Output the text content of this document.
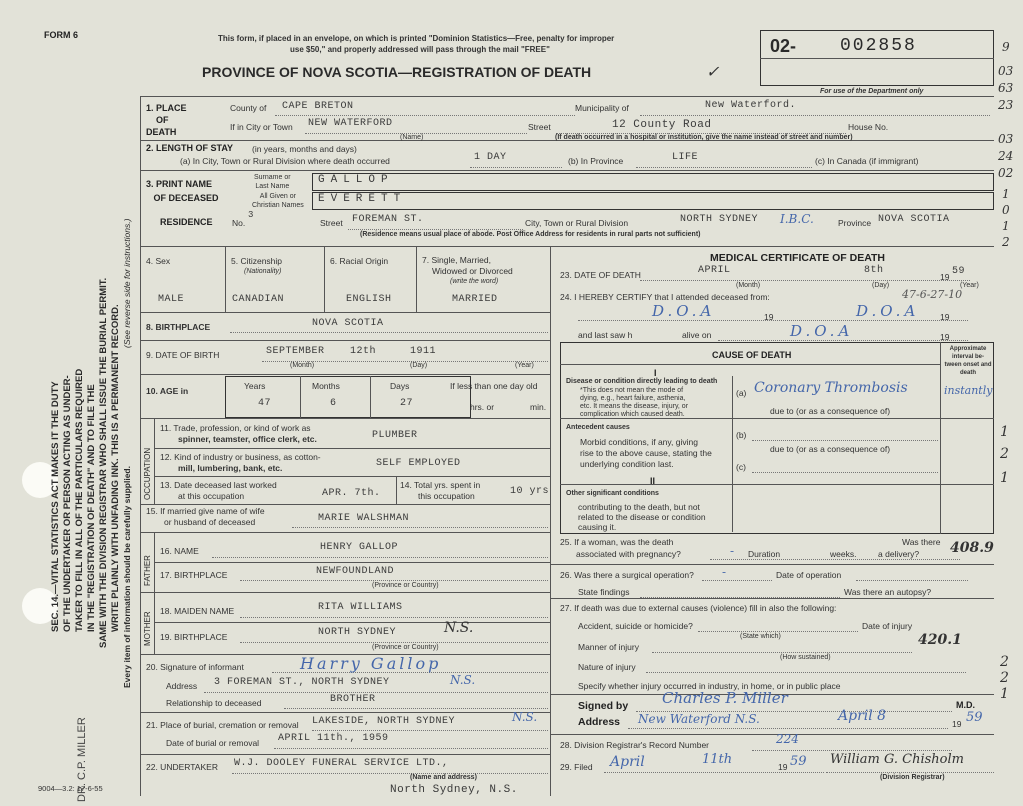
SEC. 14.—VITAL STATISTICS ACT MAKES IT THE DUTY OF THE UNDERTAKER OR PERSON ACTING AS UNDER- TAKER TO FILL IN ALL OF THE PARTICULARS REQUIRED IN THE "REGISTRATION OF DEATH" AND TO FILE THE SAME WITH THE DIVISION REGISTRAR WHO SHALL ISSUE THE BURIAL PERMIT. WRITE PLAINLY WITH UNFADING INK. THIS IS A PERMANENT RECORD. Every item of information should be carefully supplied.
(See reverse side for instructions.)
DR. C.P. MILLER
9004—3.2: 17-6-55
FORM 6	This form, if placed in an envelope, on which is printed "Dominion Statistics—Free, penalty for improper
use $50," and properly addressed will pass through the mail "FREE"
PROVINCE OF NOVA SCOTIA—REGISTRATION OF DEATH	✓
02- 002858
For use of the Department only
9
03
63
23
03
24
02
1
0
1
2
1. PLACE
OF
DEATH
County of CAPE BRETON	Municipality of	New Waterford.
If in City or Town NEW WATERFORD
(Name)
Street	12 County Road	House No.
(If death occurred in a hospital or institution, give the name instead of street and number)
2. LENGTH OF STAY (in years, months and days)
(a) In City, Town or Rural Division where death occurred	1 DAY	(b) In Province	LIFE	(c) In Canada (if immigrant)
3. PRINT NAME
OF DECEASED
Surname or
Last Name
All Given or
Christian Names
GALLOP
EVERETT
RESIDENCE No.
3
Street FOREMAN ST.	City, Town or Rural Division	NORTH SYDNEY I.B.C.	Province NOVA SCOTIA
(Residence means usual place of abode. Post Office Address for residents in rural parts not sufficient)
4. Sex
MALE
5. Citizenship
(Nationality)
CANADIAN
6. Racial Origin
ENGLISH
7. Single, Married,
Widowed or Divorced
(write the word)
MARRIED
8. BIRTHPLACE	NOVA SCOTIA
9. DATE OF BIRTH	SEPTEMBER	12th	1911
(Month)	(Day)	(Year)
10. AGE in	Years	Months	Days
47	6	27
If less than one day old
hrs. or	min.
OCCUPATION
11. Trade, profession, or kind of work as
spinner, teamster, office clerk, etc.	PLUMBER
12. Kind of industry or business, as cotton-
mill, lumbering, bank, etc.	SELF EMPLOYED
13. Date deceased last worked
at this occupation	APR. 7th.
14. Total yrs. spent in
this occupation	10 yrs
15. If married give name of wife
or husband of deceased	MARIE WALSHMAN
FATHER
16. NAME	HENRY GALLOP
17. BIRTHPLACE	NEWFOUNDLAND
(Province or Country)
MOTHER
18. MAIDEN NAME	RITA WILLIAMS
19. BIRTHPLACE	NORTH SYDNEY	N.S.
(Province or Country)
20. Signature of informant	Harry Gallop
Address 3 FOREMAN ST., NORTH SYDNEY	N.S.
Relationship to deceased	BROTHER
21. Place of burial, cremation or removal LAKESIDE, NORTH SYDNEY	N.S.
Date of burial or removal APRIL 11th., 1959
22. UNDERTAKER W.J. DOOLEY FUNERAL SERVICE LTD.,
(Name and address)
North Sydney, N.S.
MEDICAL CERTIFICATE OF DEATH
23. DATE OF DEATH	APRIL	8th
19 59
(Month)	(Day)	(Year)
24. I HEREBY CERTIFY that I attended deceased from:	47-6-27-10
D.O.A	19	D.O.A 19
and last saw h	alive on	D.O.A	19
CAUSE OF DEATH
Approximate interval be-tween onset and death
I
Disease or condition directly leading to death
*This does not mean the mode of
dying, e.g., heart failure, asthenia,
etc. It means the disease, injury, or
complication which caused death.
(a) Coronary Thrombosis	instantly
due to (or as a consequence of)
Antecedent causes
Morbid conditions, if any, giving
rise to the above cause, stating the
underlying condition last.
(b)
due to (or as a consequence of)
(c)
II
Other significant conditions
contributing to the death, but not
related to the disease or condition
causing it.
1
2
1
25. If a woman, was the death
associated with pregnancy?	- Duration	weeks.
Was there
a delivery? 408.9
26. Was there a surgical operation? -	Date of operation
State findings	Was there an autopsy?
27. If death was due to external causes (violence) fill in also the following:
Accident, suicide or homicide?
(State which)
Date of injury
420.1
Manner of injury
(How sustained)
Nature of injury
Specify whether injury occurred in industry, in home, or in public place
2
2
1
Signed by Charles P. Miller	M.D.
Address New Waterford N.S.	April 8	19 59
28. Division Registrar's Record Number	224
29. Filed April	11th	19 59 William G. Chisholm
(Division Registrar)
